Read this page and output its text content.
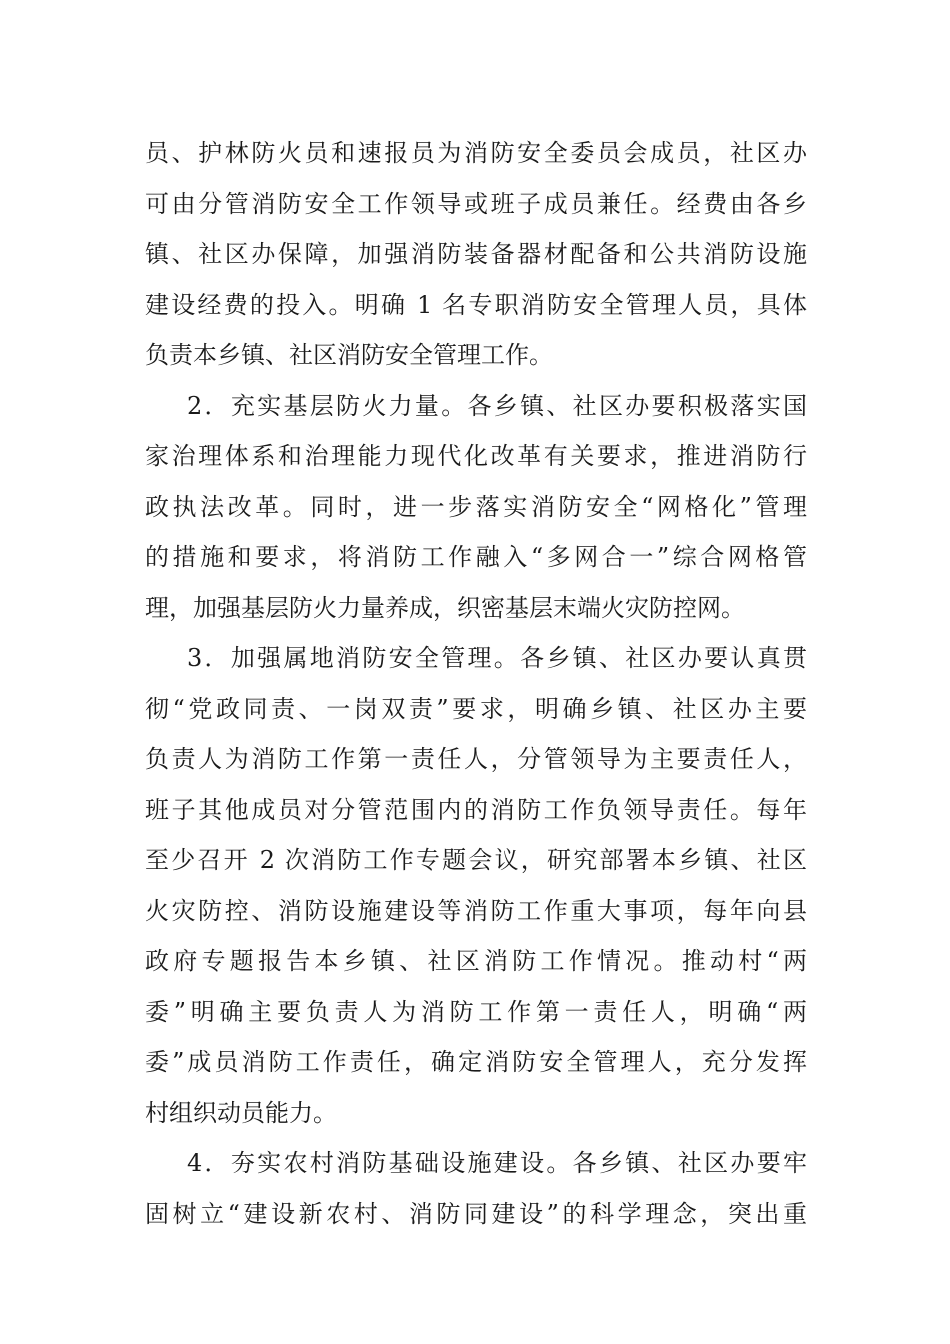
员、护林防火员和速报员为消防安全委员会成员，社区办
可由分管消防安全工作领导或班子成员兼任。经费由各乡
镇、社区办保障，加强消防装备器材配备和公共消防设施
建设经费的投入。明确 1 名专职消防安全管理人员，具体
负责本乡镇、社区消防安全管理工作。
2．充实基层防火力量。各乡镇、社区办要积极落实国
家治理体系和治理能力现代化改革有关要求，推进消防行
政执法改革。同时，进一步落实消防安全“网格化”管理
的措施和要求，将消防工作融入“多网合一”综合网格管
理，加强基层防火力量养成，织密基层末端火灾防控网。
3．加强属地消防安全管理。各乡镇、社区办要认真贯
彻“党政同责、一岗双责”要求，明确乡镇、社区办主要
负责人为消防工作第一责任人，分管领导为主要责任人，
班子其他成员对分管范围内的消防工作负领导责任。每年
至少召开 2 次消防工作专题会议，研究部署本乡镇、社区
火灾防控、消防设施建设等消防工作重大事项，每年向县
政府专题报告本乡镇、社区消防工作情况。推动村“两
委”明确主要负责人为消防工作第一责任人，明确“两
委”成员消防工作责任，确定消防安全管理人，充分发挥
村组织动员能力。
4．夯实农村消防基础设施建设。各乡镇、社区办要牢
固树立“建设新农村、消防同建设”的科学理念，突出重
